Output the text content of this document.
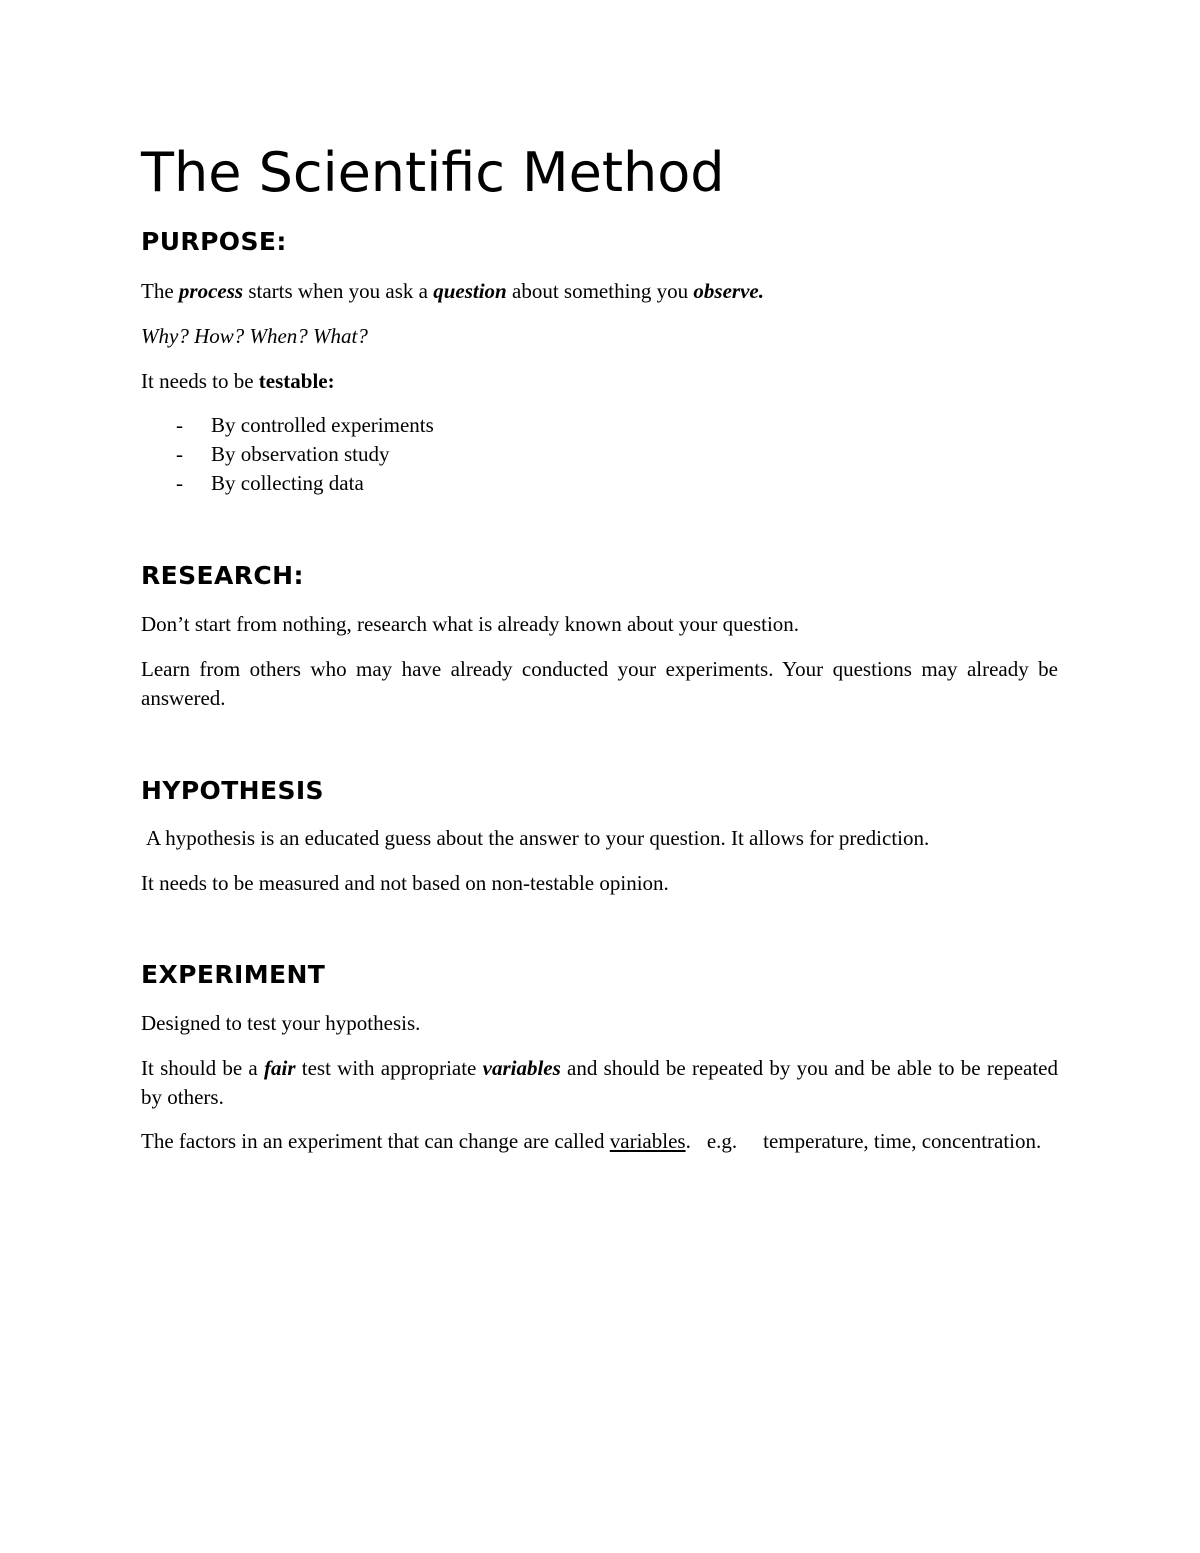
The Scientific Method
PURPOSE:

The process starts when you ask a question about something you observe.

Why? How? When? What?

It needs to be testable:

- By controlled experiments
- By observation study
- By collecting data
RESEARCH:

Don’t start from nothing, research what is already known about your question.

Learn from others who may have already conducted your experiments. Your questions may already be answered.

HYPOTHESIS

A hypothesis is an educated guess about the answer to your question. It allows for prediction.

It needs to be measured and not based on non-testable opinion.

EXPERIMENT

Designed to test your hypothesis.

It should be a fair test with appropriate variables and should be repeated by you and be able to be repeated by others.

The factors in an experiment that can change are called variables. e.g. temperature, time, concentration.
